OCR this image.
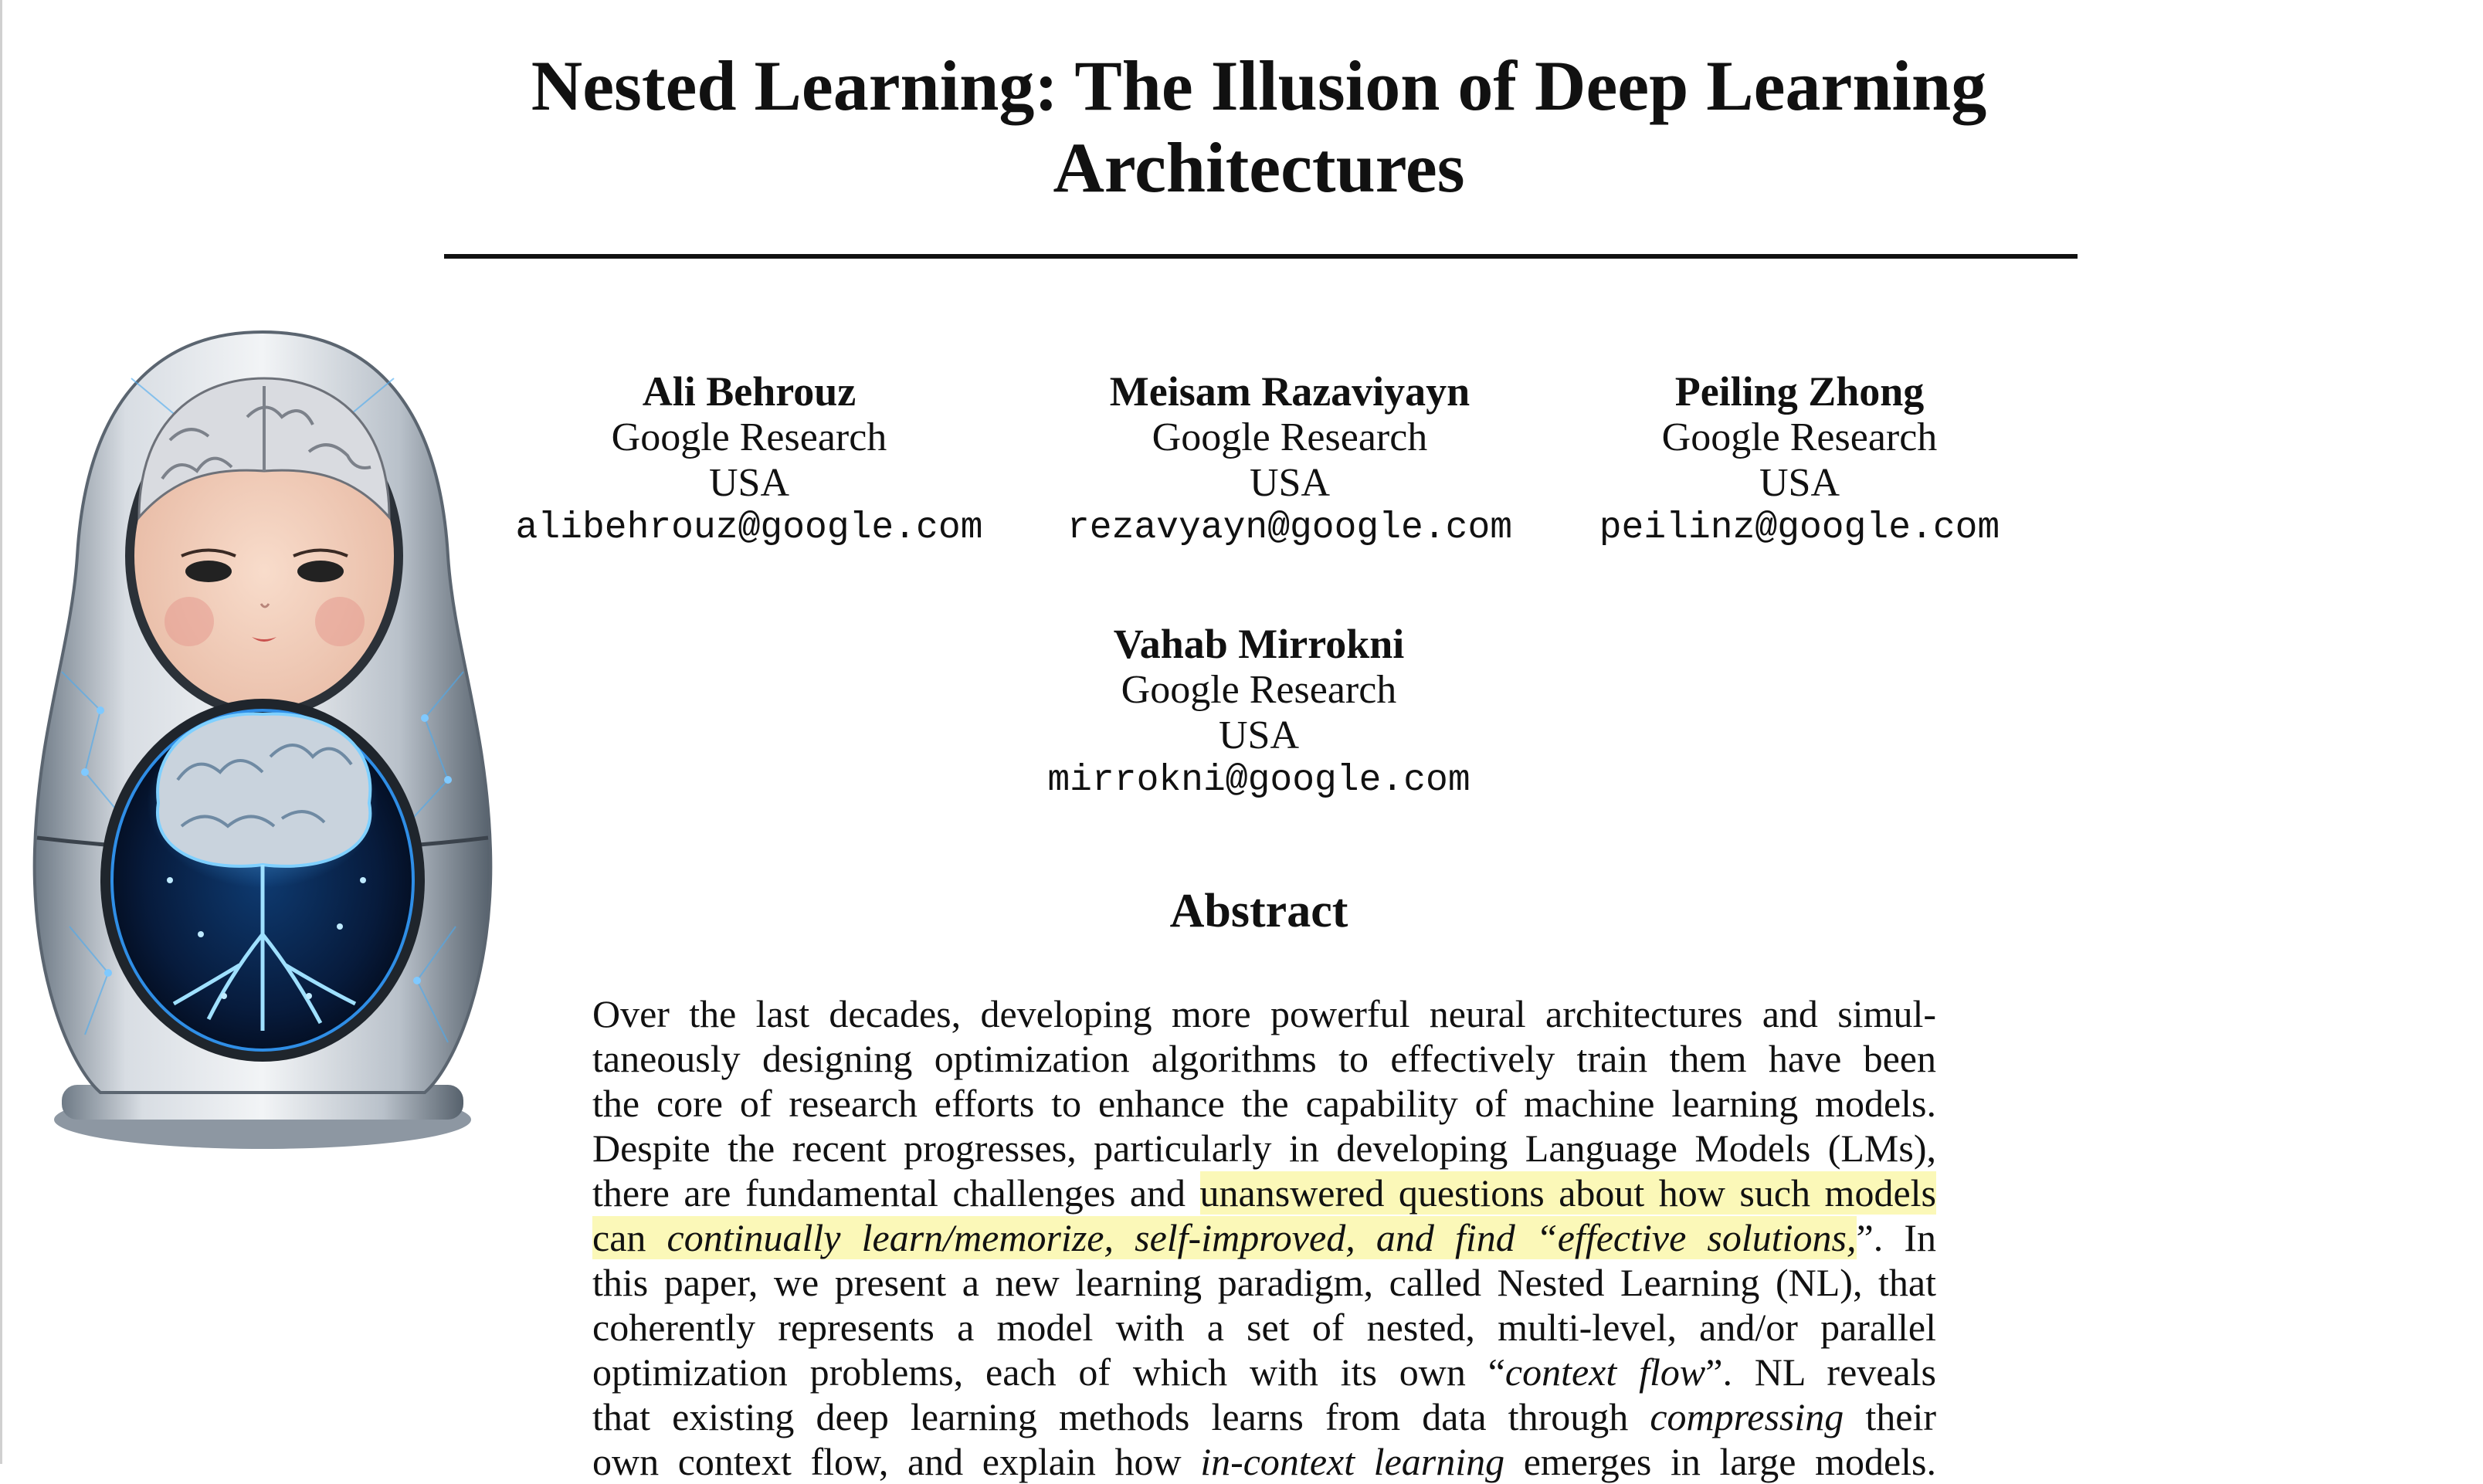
Nested Learning: The Illusion of Deep Learning
Architectures
Ali Behrouz
Google Research
USA
alibehrouz@google.com
Meisam Razaviyayn
Google Research
USA
rezavyayn@google.com
Peiling Zhong
Google Research
USA
peilinz@google.com
Vahab Mirrokni
Google Research
USA
mirrokni@google.com
Abstract

Over the last decades, developing more powerful neural architectures and simul-
taneously designing optimization algorithms to effectively train them have been
the core of research efforts to enhance the capability of machine learning models.
Despite the recent progresses, particularly in developing Language Models (LMs),
there are fundamental challenges and unanswered questions about how such models
can continually learn/memorize, self-improved, and find “effective solutions,”. In
this paper, we present a new learning paradigm, called Nested Learning (NL), that
coherently represents a model with a set of nested, multi-level, and/or parallel
optimization problems, each of which with its own “context flow”. NL reveals
that existing deep learning methods learns from data through compressing their
own context flow, and explain how in-context learning emerges in large models.
